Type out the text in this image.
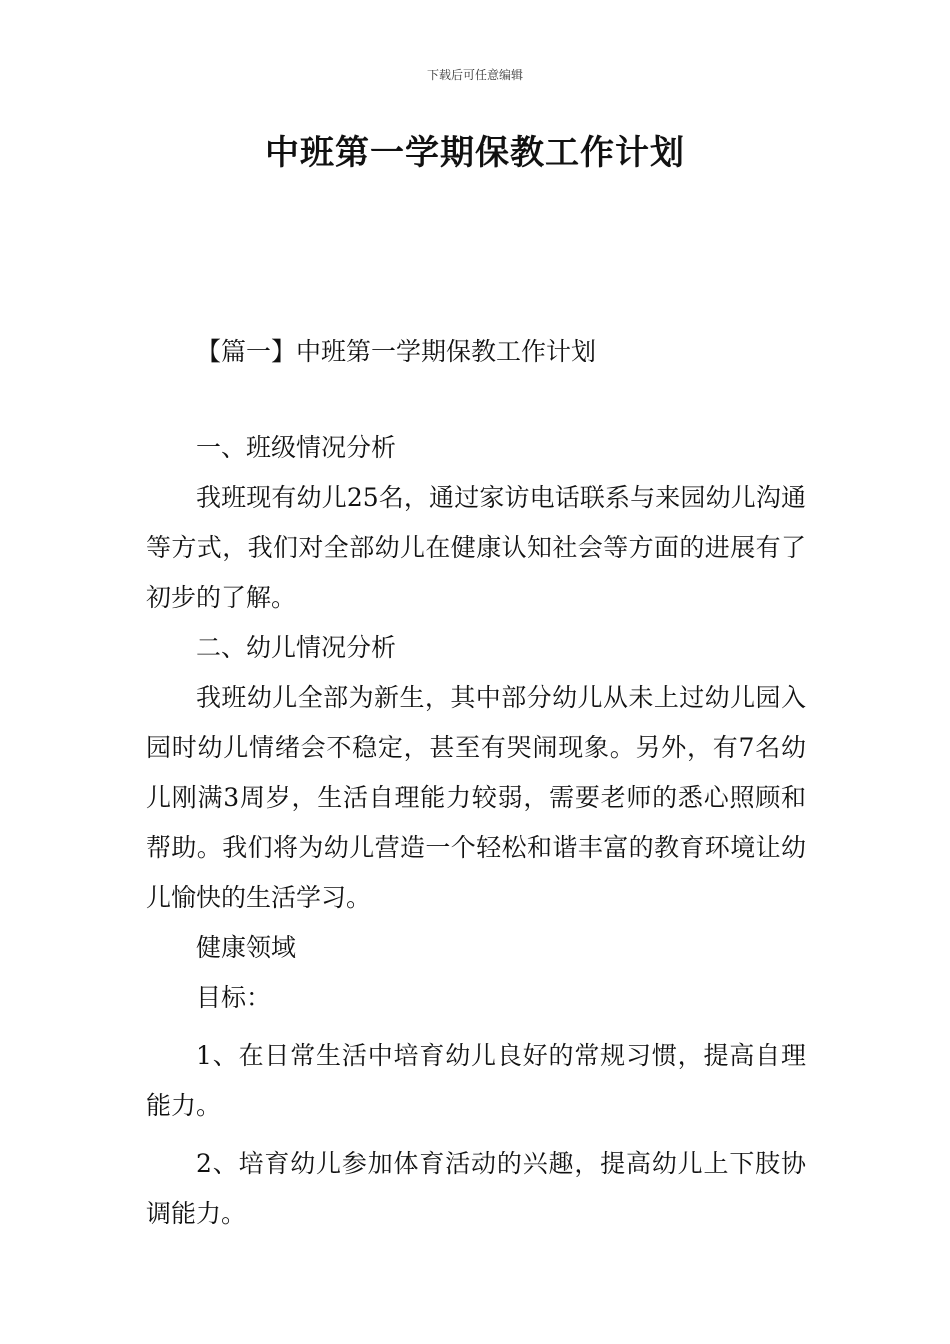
下载后可任意编辑
中班第一学期保教工作计划
【篇一】中班第一学期保教工作计划

一、班级情况分析

我班现有幼儿25名，通过家访电话联系与来园幼儿沟通等方式，我们对全部幼儿在健康认知社会等方面的进展有了初步的了解。

二、幼儿情况分析

我班幼儿全部为新生，其中部分幼儿从未上过幼儿园入园时幼儿情绪会不稳定，甚至有哭闹现象。另外，有7名幼儿刚满3周岁，生活自理能力较弱，需要老师的悉心照顾和帮助。我们将为幼儿营造一个轻松和谐丰富的教育环境让幼儿愉快的生活学习。

健康领域

目标：

1、在日常生活中培育幼儿良好的常规习惯，提高自理能力。

2、培育幼儿参加体育活动的兴趣，提高幼儿上下肢协调能力。
